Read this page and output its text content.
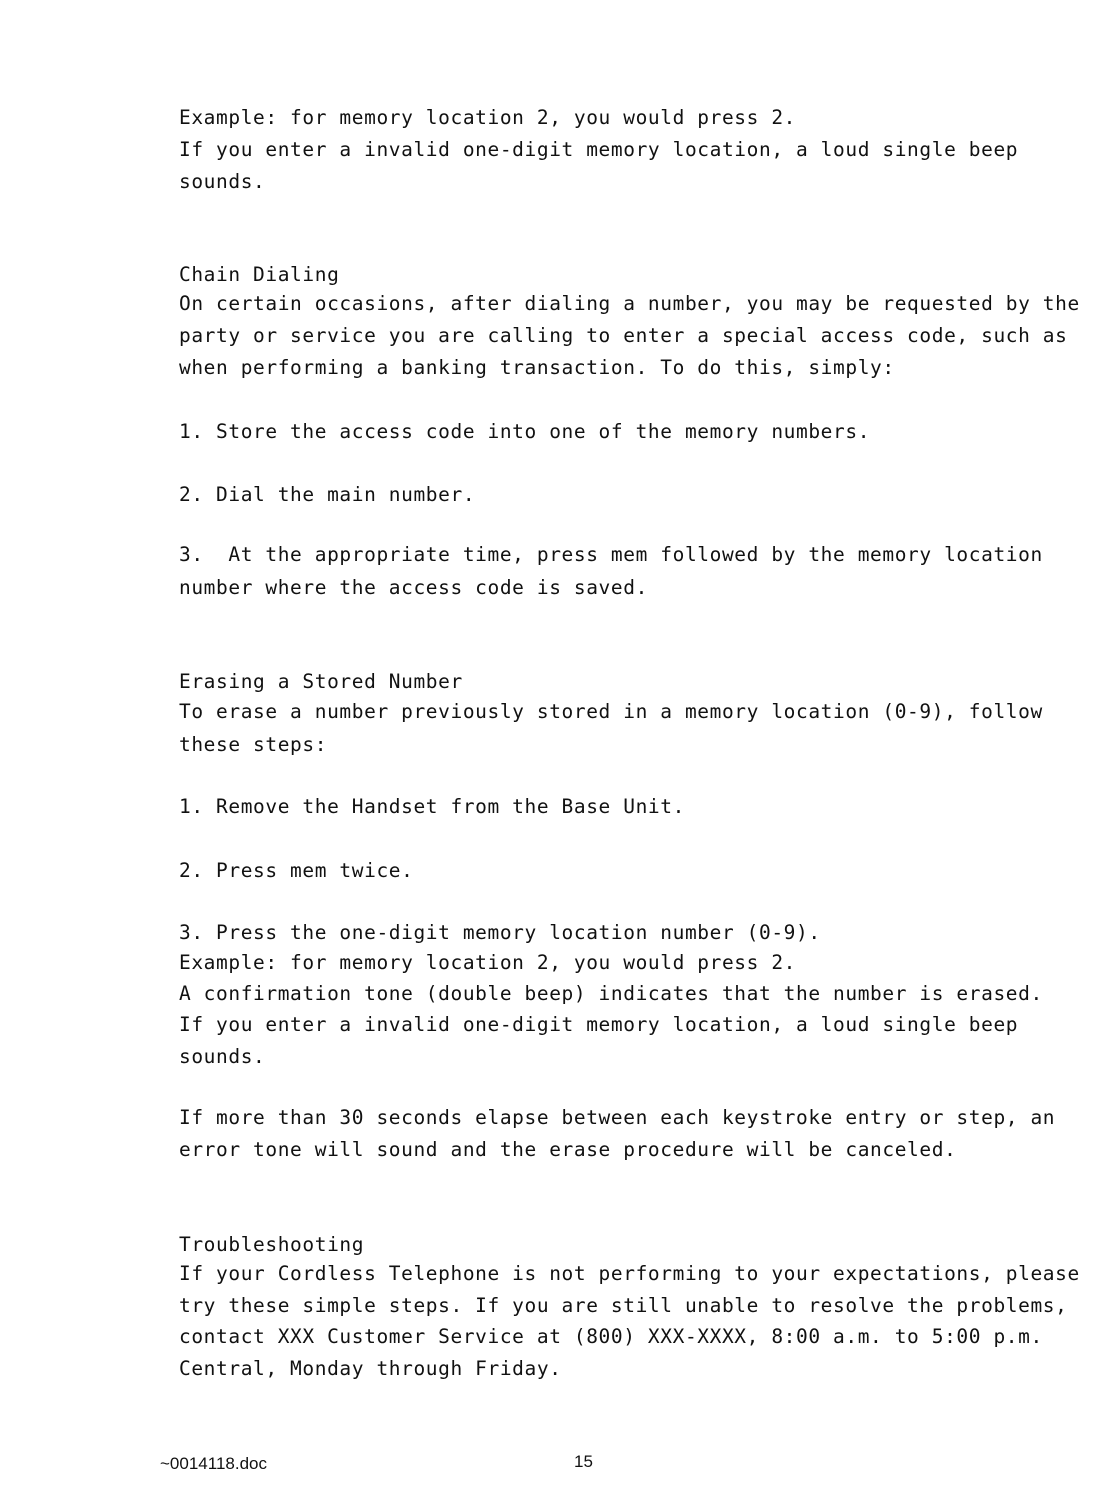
Example: for memory location 2, you would press 2.
If you enter a invalid one-digit memory location, a loud single beep
sounds.
Chain Dialing
On certain occasions, after dialing a number, you may be requested by the
party or service you are calling to enter a special access code, such as
when performing a banking transaction. To do this, simply:
1. Store the access code into one of the memory numbers.
2. Dial the main number.
3.  At the appropriate time, press mem followed by the memory location
number where the access code is saved.
Erasing a Stored Number
To erase a number previously stored in a memory location (0-9), follow
these steps:
1. Remove the Handset from the Base Unit.
2. Press mem twice.
3. Press the one-digit memory location number (0-9).
Example: for memory location 2, you would press 2.
A confirmation tone (double beep) indicates that the number is erased.
If you enter a invalid one-digit memory location, a loud single beep
sounds.
If more than 30 seconds elapse between each keystroke entry or step, an
error tone will sound and the erase procedure will be canceled.
Troubleshooting
If your Cordless Telephone is not performing to your expectations, please
try these simple steps. If you are still unable to resolve the problems,
contact XXX Customer Service at (800) XXX-XXXX, 8:00 a.m. to 5:00 p.m.
Central, Monday through Friday.
~0014118.doc	15
